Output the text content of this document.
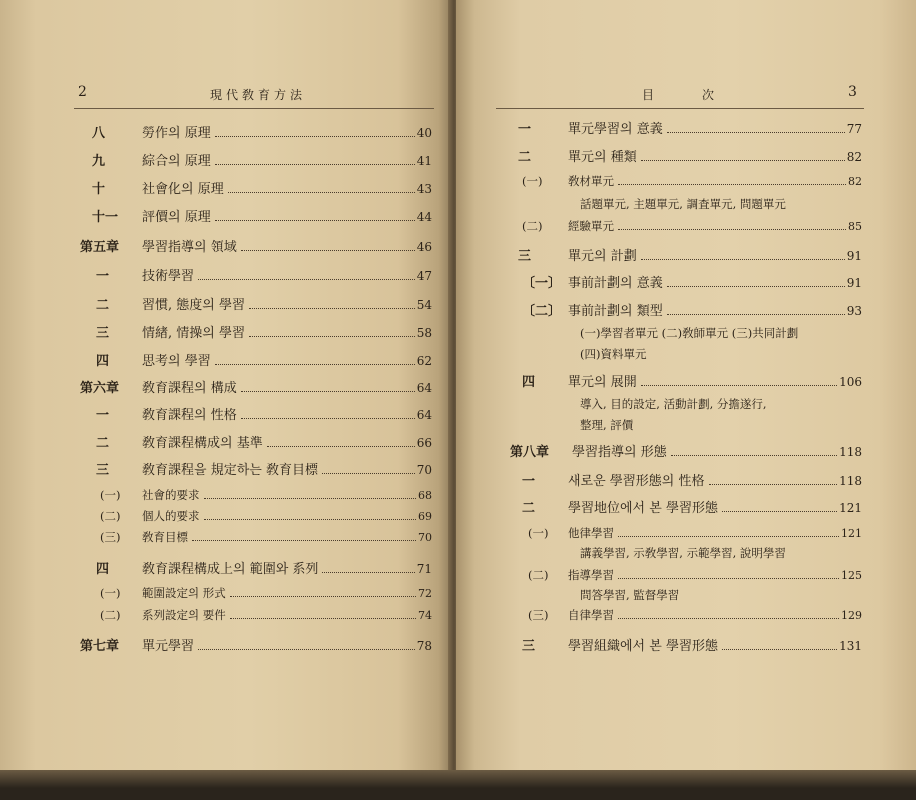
2	現代敎育方法
八	勞作의 原理	40
九	綜合의 原理	41
十	社會化의 原理	43
十一	評價의 原理	44
第五章	學習指導의 領域	46
一	技術學習	47
二	習慣, 態度의 學習	54
三	情緖, 情操의 學習	58
四	思考의 學習	62
第六章	敎育課程의 構成	64
一	敎育課程의 性格	64
二	敎育課程構成의 基準	66
三	敎育課程을 規定하는 敎育目標	70
(一)	社會的要求	68
(二)	個人的要求	69
(三)	敎育目標	70
四	敎育課程構成上의 範圍와 系列	71
(一)	範圍設定의 形式	72
(二)	系列設定의 要件	74
第七章	單元學習	78
目	次	3
一	單元學習의 意義	77
二	單元의 種類	82
(一)	敎材單元	82
話題單元, 主題單元, 調査單元, 問題單元
(二)	經驗單元	85
三	單元의 計劃	91
〔一〕 事前計劃의 意義	91
〔二〕 事前計劃의 類型	93
(一)學習者單元 (二)敎師單元 (三)共同計劃
(四)資料單元
四	單元의 展開	106
導入, 目的設定, 活動計劃, 分擔遂行,
整理, 評價
第八章	學習指導의 形態	118
一	새로운 學習形態의 性格	118
二	學習地位에서 본 學習形態	121
(一)	他律學習	121
講義學習, 示敎學習, 示範學習, 說明學習
(二)	指導學習	125
問答學習, 監督學習
(三)	自律學習	129
三	學習組織에서 본 學習形態	131
